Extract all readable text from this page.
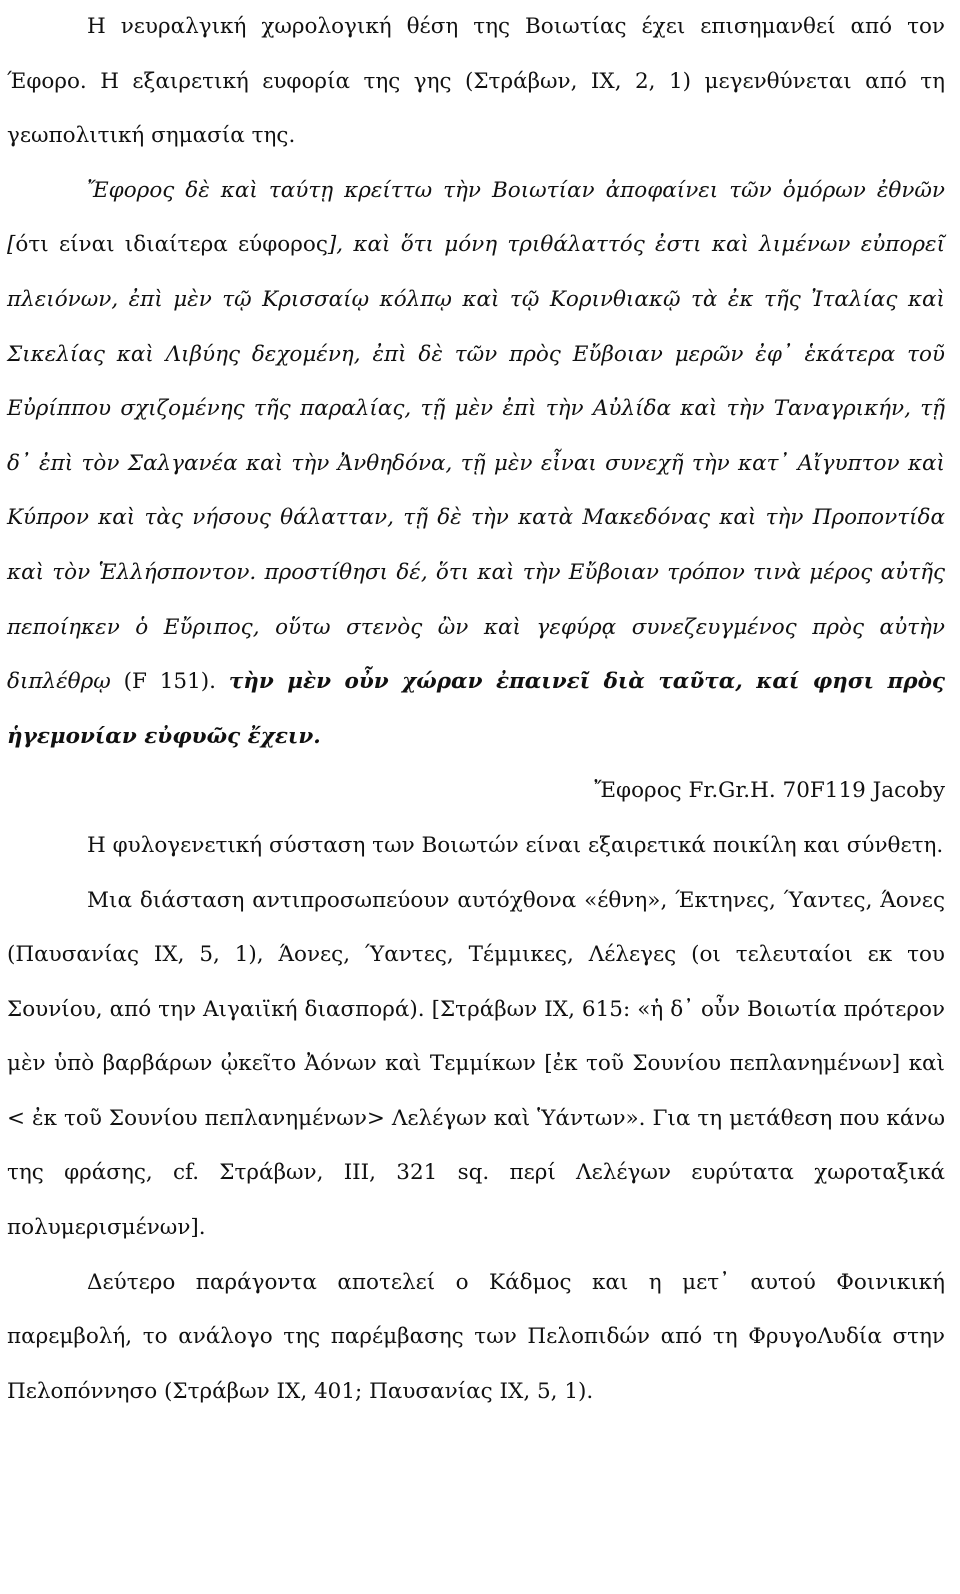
Η νευραλγική χωρολογική θέση της Βοιωτίας έχει επισημανθεί από τον Έφορο. Η εξαιρετική ευφορία της γης (Στράβων, IX, 2, 1) μεγενθύνεται από τη γεωπολιτική σημασία της.

Ἔφορος δὲ καὶ ταύτῃ κρείττω τὴν Βοιωτίαν ἀποφαίνει τῶν ὁμόρων ἐθνῶν [ότι είναι ιδιαίτερα εύφορος], καὶ ὅτι μόνη τριθάλαττός ἐστι καὶ λιμένων εὐπορεῖ πλειόνων, ἐπὶ μὲν τῷ Κρισσαίῳ κόλπῳ καὶ τῷ Κορινθιακῷ τὰ ἐκ τῆς Ἰταλίας καὶ Σικελίας καὶ Λιβύης δεχομένη, ἐπὶ δὲ τῶν πρὸς Εὔβοιαν μερῶν ἐφ᾽ ἑκάτερα τοῦ Εὐρίππου σχιζομένης τῆς παραλίας, τῇ μὲν ἐπὶ τὴν Αὐλίδα καὶ τὴν Ταναγρικήν, τῇ δ᾽ ἐπὶ τὸν Σαλγανέα καὶ τὴν Ἀνθηδόνα, τῇ μὲν εἶναι συνεχῆ τὴν κατ᾽ Αἴγυπτον καὶ Κύπρον καὶ τὰς νήσους θάλατταν, τῇ δὲ τὴν κατὰ Μακεδόνας καὶ τὴν Προποντίδα καὶ τὸν Ἑλλήσποντον. προστίθησι δέ, ὅτι καὶ τὴν Εὔβοιαν τρόπον τινὰ μέρος αὐτῆς πεποίηκεν ὁ Εὔριπος, οὕτω στενὸς ὢν καὶ γεφύρᾳ συνεζευγμένος πρὸς αὐτὴν διπλέθρῳ (F 151). τὴν μὲν οὖν χώραν ἐπαινεῖ διὰ ταῦτα, καί φησι πρὸς ἡγεμονίαν εὐφυῶς ἔχειν.

Ἔφορος Fr.Gr.H. 70F119 Jacoby

Η φυλογενετική σύσταση των Βοιωτών είναι εξαιρετικά ποικίλη και σύνθετη.

Μια διάσταση αντιπροσωπεύουν αυτόχθονα «έθνη», Έκτηνες, Ύαντες, Άονες (Παυσανίας IX, 5, 1), Άονες, Ύαντες, Τέμμικες, Λέλεγες (οι τελευταίοι εκ του Σουνίου, από την Αιγαιϊκή διασπορά). [Στράβων IX, 615: «ἡ δ᾽ οὖν Βοιωτία πρότερον μὲν ὑπὸ βαρβάρων ᾠκεῖτο Ἀόνων καὶ Τεμμίκων [ἐκ τοῦ Σουνίου πεπλανημένων] καὶ < ἐκ τοῦ Σουνίου πεπλανημένων> Λελέγων καὶ Ὑάντων». Για τη μετάθεση που κάνω της φράσης, cf. Στράβων, III, 321 sq. περί Λελέγων ευρύτατα χωροταξικά πολυμερισμένων].

Δεύτερο παράγοντα αποτελεί ο Κάδμος και η μετ᾽ αυτού Φοινικική παρεμβολή, το ανάλογο της παρέμβασης των Πελοπιδών από τη ΦρυγοΛυδία στην Πελοπόννησο (Στράβων IX, 401; Παυσανίας IX, 5, 1).
